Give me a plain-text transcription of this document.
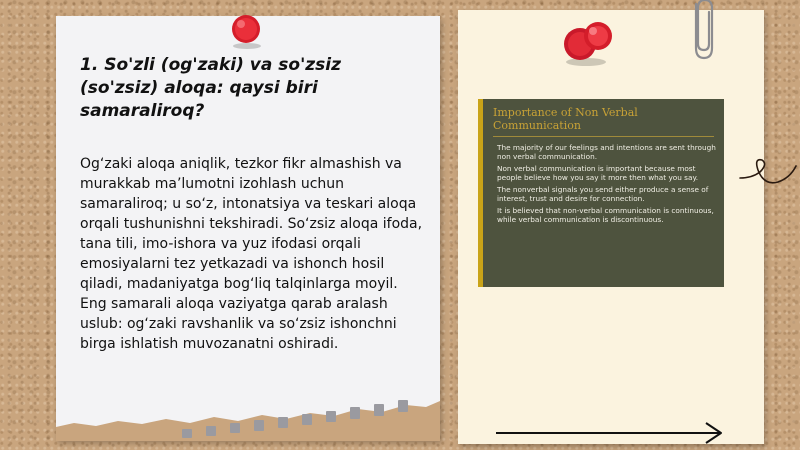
1. So'zli (og'zaki) va so'zsiz (so'zsiz) aloqa: qaysi biri samaraliroq?

Og‘zaki aloqa aniqlik, tezkor fikr almashish va murakkab ma’lumotni izohlash uchun samaraliroq; u so‘z, intonatsiya va teskari aloqa orqali tushunishni tekshiradi. So‘zsiz aloqa ifoda, tana tili, imo-ishora va yuz ifodasi orqali emosiyalarni tez yetkazadi va ishonch hosil qiladi, madaniyatga bog‘liq talqinlarga moyil. Eng samarali aloqa vaziyatga qarab aralash uslub: og‘zaki ravshanlik va so‘zsiz ishonchni birga ishlatish muvozanatni oshiradi.

Importance of Non Verbal Communication
The majority of our feelings and intentions are sent through non verbal communication.
Non verbal communication is important because most people believe how you say it more then what you say.
The nonverbal signals you send either produce a sense of interest, trust and desire for connection.
It is believed that non-verbal communication is continuous, while verbal communication is discontinuous.
